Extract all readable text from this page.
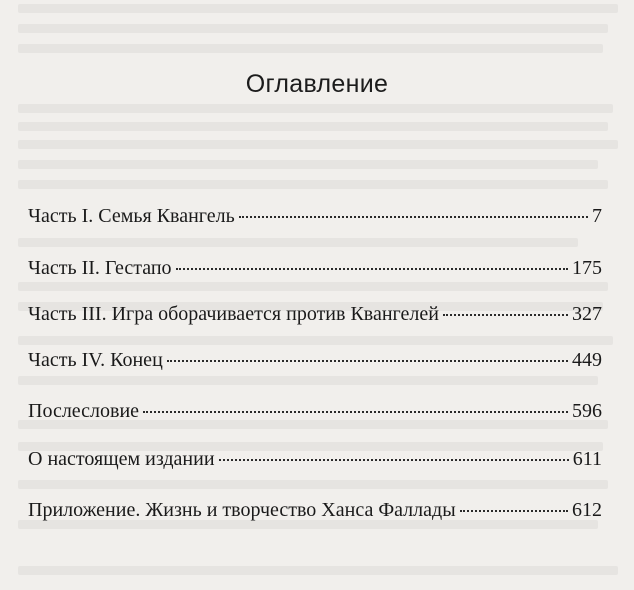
Оглавление
Часть I. Семья Квангель	7
Часть II. Гестапо	175
Часть III. Игра оборачивается против Квангелей	327
Часть IV. Конец	449
Послесловие	596
О настоящем издании	611
Приложение. Жизнь и творчество Ханса Фаллады	612
